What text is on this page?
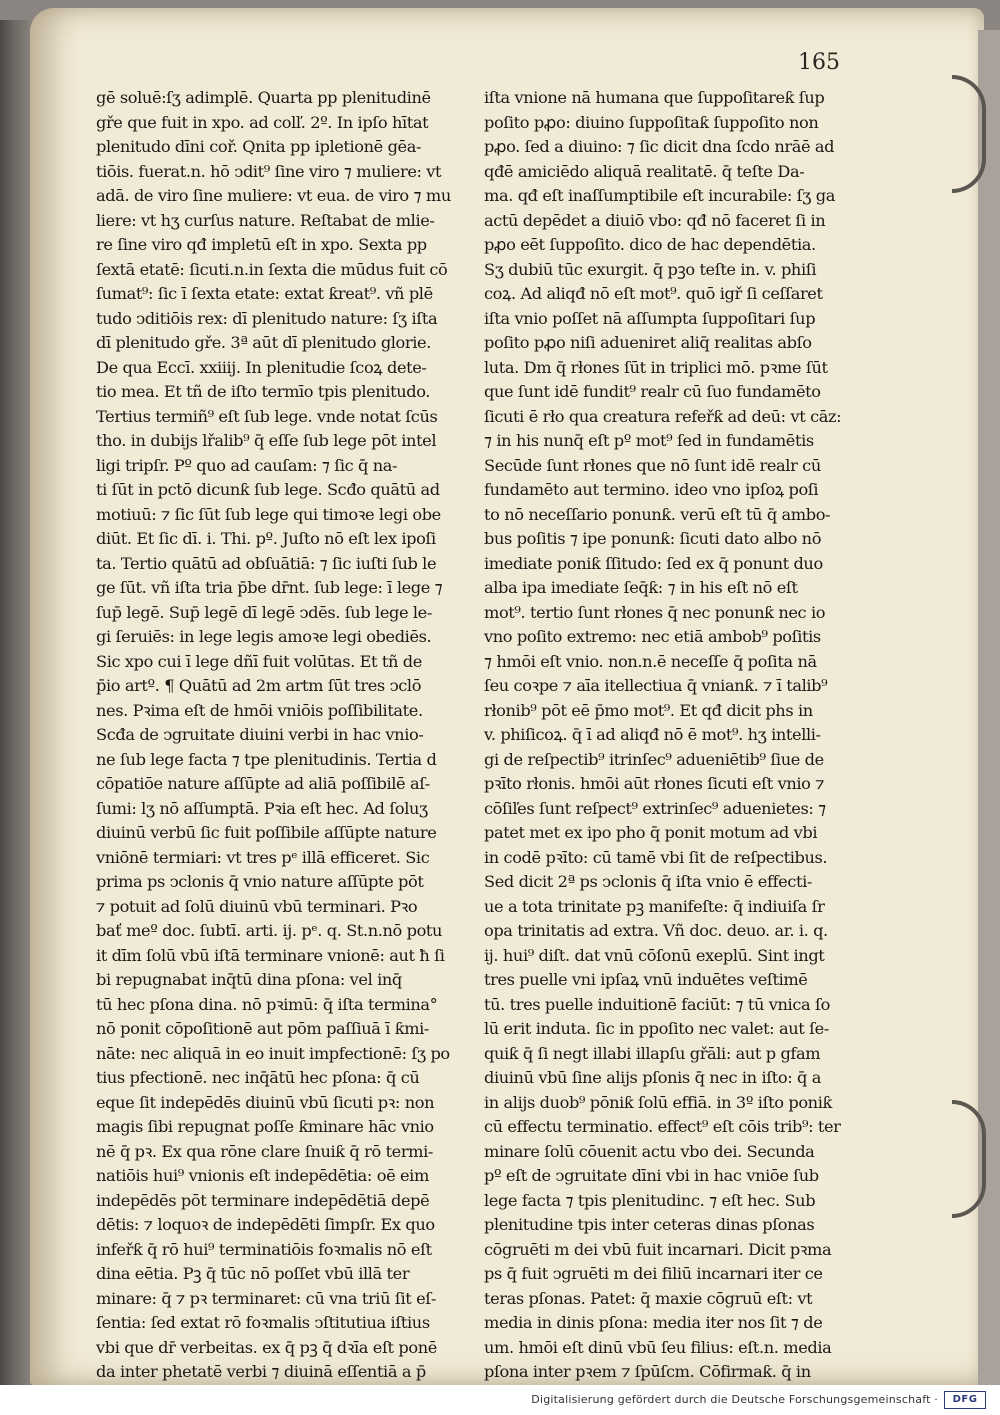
165
gē soluē:ſʒ adimplē. Quarta pp plenitudinē
gře que fuit in xpo. ad colľ. 2º. In ipſo hītat
plenitudo dīni coř. Qnita pp ipletionē gēa-
tiōis. fuerat.n. hō ↄdit⁹ ſine viro ⁊ muliere: vt
adā. de viro ſine muliere: vt eua. de viro ⁊ mu
liere: vt hʒ curſus nature. Reſtabat de mlie-
re ſine viro qđ impletū eſt in xpo. Sexta pp
ſextā etatē: ſicuti.n.in ſexta die mūdus fuit cō
ſumat⁹: ſic ī ſexta etate: extat ƙreat⁹. vñ plē
tudo ↄditiōis rex: dī plenitudo nature: ſʒ iſta
dī plenitudo gře. 3ª aūt dī plenitudo glorie.
De qua Eccī. xxiiij. In plenitudie ſcoꝝ dete-
tio mea. Et tñ de iſto termīo tpis plenitudo.
Tertius termiñ⁹ eſt ſub lege. vnde notat ſcūs
tho. in dubijs lřalib⁹ q̄ eſſe ſub lege pōt intel
ligi tripſr. Pº quo ad cauſam: ⁊ ſic q̄ na-
ti ſūt in pctō dicunƙ ſub lege. Scđo quātū ad
motiuū: ⁊ ſic ſūt ſub lege qui timoꝛe legi obe
diūt. Et ſic dī. i. Thi. pº. Juſto nō eſt lex ipoſi
ta. Tertio quātū ad obſuātiā: ⁊ ſic iuſti ſub le
ge ſūt. vñ iſta tria p̄be dr̄nt. ſub lege: ī lege ⁊
ſup̄ legē. Sup̄ legē dī legē ↄdēs. ſub lege le-
gi ſeruiēs: in lege legis amoꝛe legi obediēs.
Sic xpo cui ī lege dñī fuit volūtas. Et tñ de
p̄io artº. ¶ Quātū ad 2m artm ſūt tres ↄclō
nes. Pꝛima eſt de hmōi vniōis poſſibilitate.
Scđa de ↄgruitate diuini verbi in hac vnio-
ne ſub lege facta ⁊ tpe plenitudinis. Tertia d
cōpatiōe nature aſſūpte ad aliā poſſibilē aſ-
ſumi: lʒ nō aſſumptā. Pꝛia eſt hec. Ad ſoluʒ
diuinū verbū ſic fuit poſſibile aſſūpte nature
vniōnē termiari: vt tres pᵉ illā efficeret. Sic
prima ps ↄclonis q̄ vnio nature aſſūpte pōt
⁊ potuit ad ſolū diuinū vbū terminari. Pꝛo
bať meº doc. ſubtī. arti. ij. pᵉ. q. St.n.nō potu
it dīm ſolū vbū iſtā terminare vnionē: aut ħ ſi
bi repugnabat inq̄tū dina pſona: vel inq̄
tū hec pſona dina. nō pꝛimū: q̄ iſta termina°
nō ponit cōpoſitionē aut pōm paſſiuā ī ƙmi-
nāte: nec aliquā in eo inuit impfectionē: ſʒ po
tius pfectionē. nec inq̄ātū hec pſona: q̄ cū
eque ſit indepēdēs diuinū vbū ſicuti pꝛ: non
magis ſibi repugnat poſſe ƙminare hāc vnio
nē q̄ pꝛ. Ex qua rōne clare ſnuiƙ q̄ rō termi-
natiōis hui⁹ vnionis eſt indepēdētia: oē eim
indepēdēs pōt terminare indepēdētiā depē
dētis: ⁊ loquoꝛ de indepēdēti ſimpſr. Ex quo
infeřƙ q̄ rō hui⁹ terminatiōis foꝛmalis nō eſt
dina eētia. Pꝫ q̄ tūc nō poſſet vbū illā ter
minare: q̄ ⁊ pꝛ terminaret: cū vna triū ſit eſ-
ſentia: ſed extat rō foꝛmalis ↄſtitutiua iſtius
vbi que dr̄ verbeitas. ex q̄ pꝫ q̄ dꝛīa eſt ponē
da inter phetatē verbi ⁊ diuinā eſſentiā a p̄
iſta vnione nā humana que ſuppoſitareƙ ſup
poſito pꝓo: diuino ſuppoſitaƙ ſuppoſito non
pꝓo. ſed a diuino: ⁊ ſic dicit dna ſcdo nrāē ad
qđē amiciēdo aliquā realitatē. q̄ teſte Da-
ma. qđ eſt inaſſumptibile eſt incurabile: ſʒ ga
actū depēdet a diuiō vbo: qđ nō faceret ſi in
pꝓo eēt ſuppoſito. dico de hac dependētia.
Sʒ dubiū tūc exurgit. q̄ pꝫo teſte in. v. phiſi
coꝝ. Ad aliqđ nō eſt mot⁹. quō igř ſi ceſſaret
iſta vnio poſſet nā aſſumpta ſuppoſitari ſup
poſito pꝓo niſi adueniret aliq̄ realitas abſo
luta. Dm q̄ rłones ſūt in triplici mō. pꝛme ſūt
que ſunt idē fundit⁹ realr cū ſuo fundamēto
ſicuti ē rło qua creatura refeřƙ ad deū: vt cāz:
⁊ in his nunq̄ eſt pº mot⁹ ſed in fundamētis
Secūde ſunt rłones que nō ſunt idē realr cū
fundamēto aut termino. ideo vno ipſoꝝ poſi
to nō neceſſario ponunƙ. verū eſt tū q̄ ambo-
bus poſitis ⁊ ipe ponunƙ: ſicuti dato albo nō
imediate poniƙ ſſitudo: ſed ex q̄ ponunt duo
alba ipa imediate ſeq̄ƙ: ⁊ in his eſt nō eſt
mot⁹. tertio ſunt rłones q̄ nec ponunƙ nec io
vno poſito extremo: nec etiā ambob⁹ poſitis
⁊ hmōi eſt vnio. non.n.ē neceſſe q̄ poſita nā
ſeu coꝛpe ⁊ aīa itellectiua q̄ vnianƙ. ⁊ ī talib⁹
rłonib⁹ pōt eē p̄mo mot⁹. Et qđ dicit phs in
v. phiſicoꝝ. q̄ ī ad aliqđ nō ē mot⁹. hʒ intelli-
gi de reſpectib⁹ itrinſec⁹ adueniētib⁹ ſiue de
pꝛīto rłonis. hmōi aūt rłones ſicuti eſt vnio ⁊
cōſiľes ſunt reſpect⁹ extrinſec⁹ aduenietes: ⁊
patet met ex ipo pho q̄ ponit motum ad vbi
in codē pꝛīto: cū tamē vbi ſit de reſpectibus.
Sed dicit 2ª ps ↄclonis q̄ iſta vnio ē effecti-
ue a tota trinitate pꝫ manifeſte: q̄ indiuiſa ſr
opa trinitatis ad extra. Vñ doc. deuo. ar. i. q.
ij. hui⁹ diſt. dat vnū cōſonū exeplū. Sint ingt
tres puelle vni ipſaꝝ vnū induētes veſtimē
tū. tres puelle induitionē faciūt: ⁊ tū vnica ſo
lū erit induta. ſic in ppoſito nec valet: aut ſe-
quiƙ q̄ ſi negt illabi illapſu gřāli: aut p gfam
diuinū vbū ſine alijs pſonis q̄ nec in iſto: q̄ a
in alijs duob⁹ pōniƙ ſolū effiā. in 3º iſto poniƙ
cū effectu terminatio. effect⁹ eſt cōis trib⁹: ter
minare ſolū cōuenit actu vbo dei. Secunda
pº eſt de ↄgruitate dīni vbi in hac vniōe ſub
lege facta ⁊ tpis plenitudinc. ⁊ eſt hec. Sub
plenitudine tpis inter ceteras dinas pſonas
cōgruēti m dei vbū fuit incarnari. Dicit pꝛma
ps q̄ fuit ↄgruēti m dei filiū incarnari iter ce
teras pſonas. Patet: q̄ maxie cōgruū eſt: vt
media in dinis pſona: media iter nos ſit ⁊ de
um. hmōi eſt dinū vbū ſeu filius: eſt.n. media
pſona inter pꝛem ⁊ ſpūſcm. Cōfirmaƙ. q̄ in
Digitalisierung gefördert durch die Deutsche Forschungsgemeinschaft ·	DFG
